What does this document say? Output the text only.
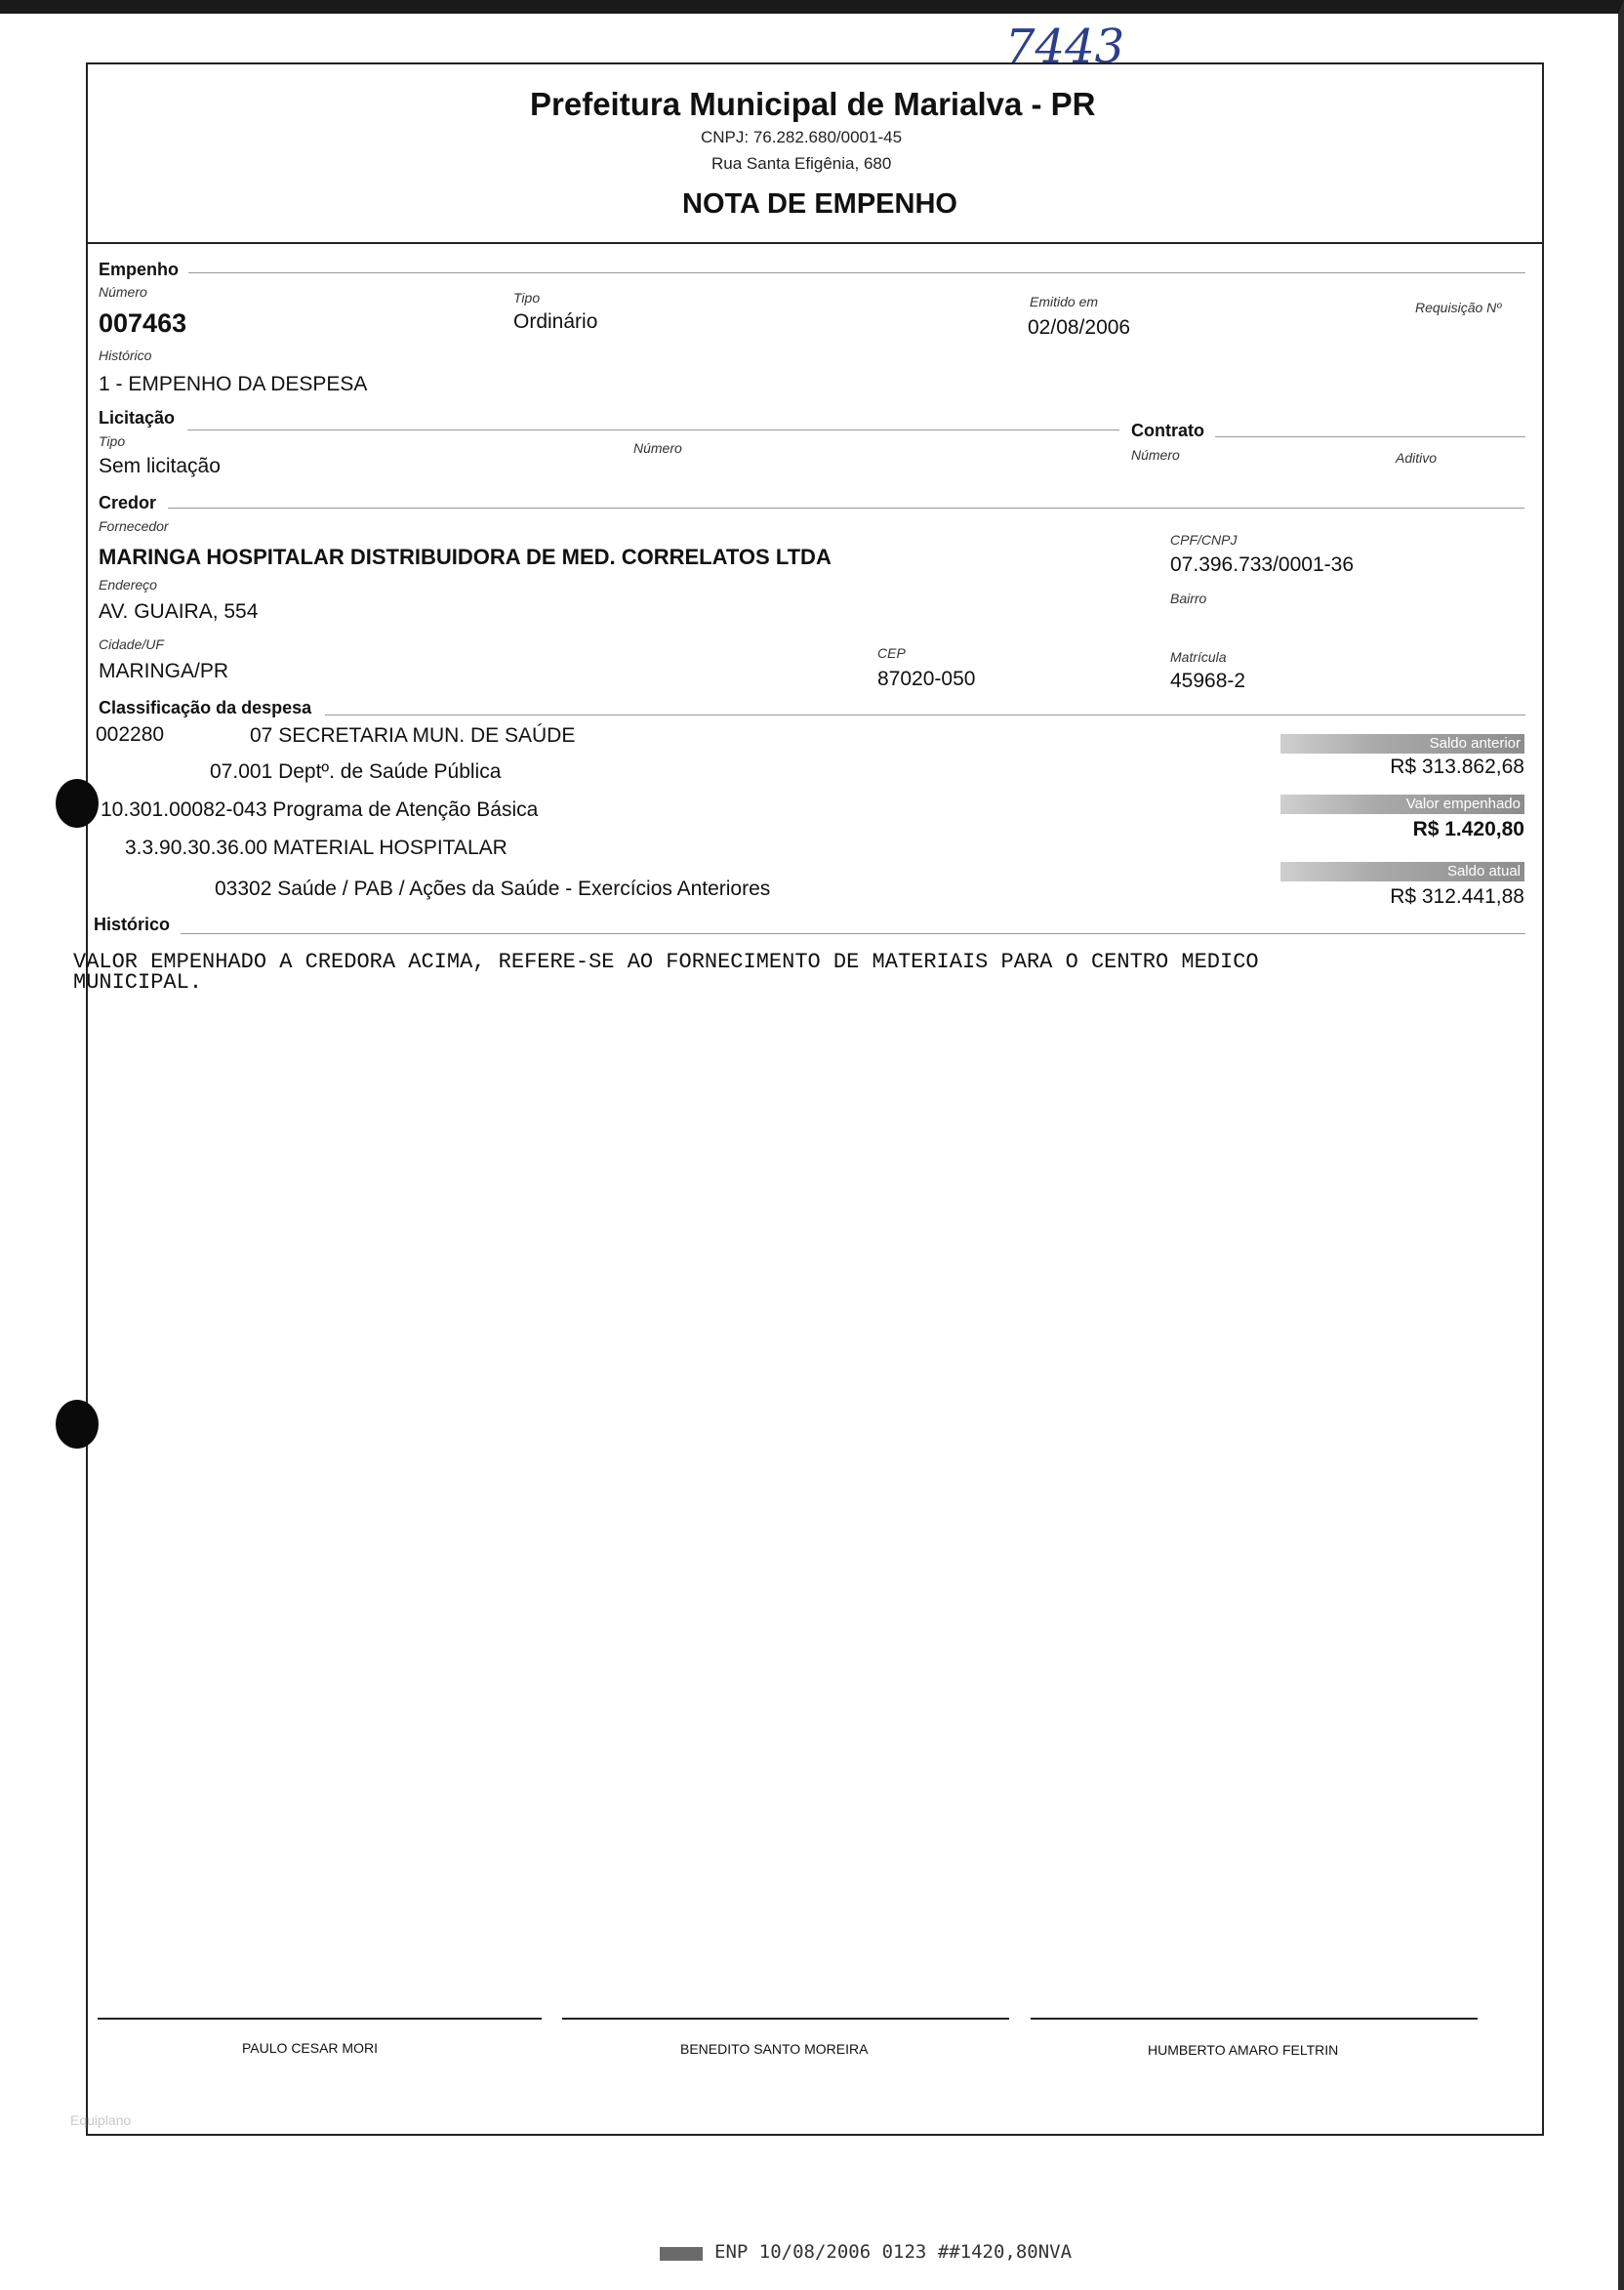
7443
Prefeitura Municipal de Marialva - PR
CNPJ: 76.282.680/0001-45
Rua Santa Efigênia, 680
NOTA DE EMPENHO
Empenho
Número
007463
Tipo
Ordinário
Emitido em
02/08/2006
Requisição Nº
Histórico
1 - EMPENHO DA DESPESA
Licitação
Tipo
Sem licitação
Número
Contrato
Número	Aditivo
Credor
Fornecedor
MARINGA HOSPITALAR DISTRIBUIDORA DE MED. CORRELATOS LTDA
CPF/CNPJ
07.396.733/0001-36
Endereço
AV. GUAIRA, 554
Bairro
Cidade/UF
MARINGA/PR
CEP
87020-050
Matrícula
45968-2
Classificação da despesa
002280	07 SECRETARIA MUN. DE SAÚDE
07.001 Deptº. de Saúde Pública
10.301.00082-043 Programa de Atenção Básica
3.3.90.30.36.00 MATERIAL HOSPITALAR
03302 Saúde / PAB / Ações da Saúde - Exercícios Anteriores
Saldo anterior
R$ 313.862,68
Valor empenhado
R$ 1.420,80
Saldo atual
R$ 312.441,88
Histórico
VALOR EMPENHADO A CREDORA ACIMA, REFERE-SE AO FORNECIMENTO DE MATERIAIS PARA O CENTRO MEDICO
MUNICIPAL.
PAULO CESAR MORI	BENEDITO SANTO MOREIRA	HUMBERTO AMARO FELTRIN
Equiplano
ENP 10/08/2006 0123 ##1420,80NVA
